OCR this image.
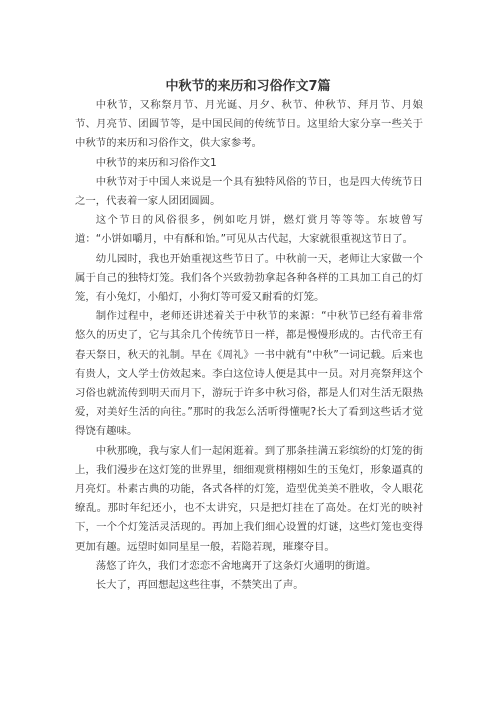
中秋节的来历和习俗作文7篇

中秋节，又称祭月节、月光诞、月夕、秋节、仲秋节、拜月节、月娘节、月亮节、团圆节等，是中国民间的传统节日。这里给大家分享一些关于中秋节的来历和习俗作文，供大家参考。

中秋节的来历和习俗作文1

中秋节对于中国人来说是一个具有独特风俗的节日，也是四大传统节日之一，代表着一家人团团圆圆。

这个节日的风俗很多，例如吃月饼，燃灯赏月等等等。东坡曾写道：“小饼如嚼月，中有酥和饴。”可见从古代起，大家就很重视这节日了。

幼儿园时，我也开始重视这些节日了。中秋前一天，老师让大家做一个属于自己的独特灯笼。我们各个兴致勃勃拿起各种各样的工具加工自己的灯笼，有小兔灯，小船灯，小狗灯等可爱又耐看的灯笼。

制作过程中，老师还讲述着关于中秋节的来源：“中秋节已经有着非常悠久的历史了，它与其余几个传统节日一样，都是慢慢形成的。古代帝王有春天祭日，秋天的礼制。早在《周礼》一书中就有“中秋”一词记载。后来也有贵人，文人学士仿效起来。李白这位诗人便是其中一员。对月亮祭拜这个习俗也就流传到明天而月下，游玩于许多中秋习俗，都是人们对生活无限热爱，对美好生活的向往。”那时的我怎么活听得懂呢?长大了看到这些话才觉得饶有趣味。

中秋那晚，我与家人们一起闲逛着。到了那条挂满五彩缤纷的灯笼的街上，我们漫步在这灯笼的世界里，细细观赏栩栩如生的玉兔灯，形象逼真的月亮灯。朴素古典的功能，各式各样的灯笼，造型优美美不胜收，令人眼花缭乱。那时年纪还小，也不太讲究，只是把灯挂在了高处。在灯光的映衬下，一个个灯笼活灵活现的。再加上我们细心设置的灯谜，这些灯笼也变得更加有趣。远望时如同星星一般，若隐若现，璀璨夺目。

荡悠了许久，我们才恋恋不舍地离开了这条灯火通明的街道。

长大了，再回想起这些往事，不禁笑出了声。
